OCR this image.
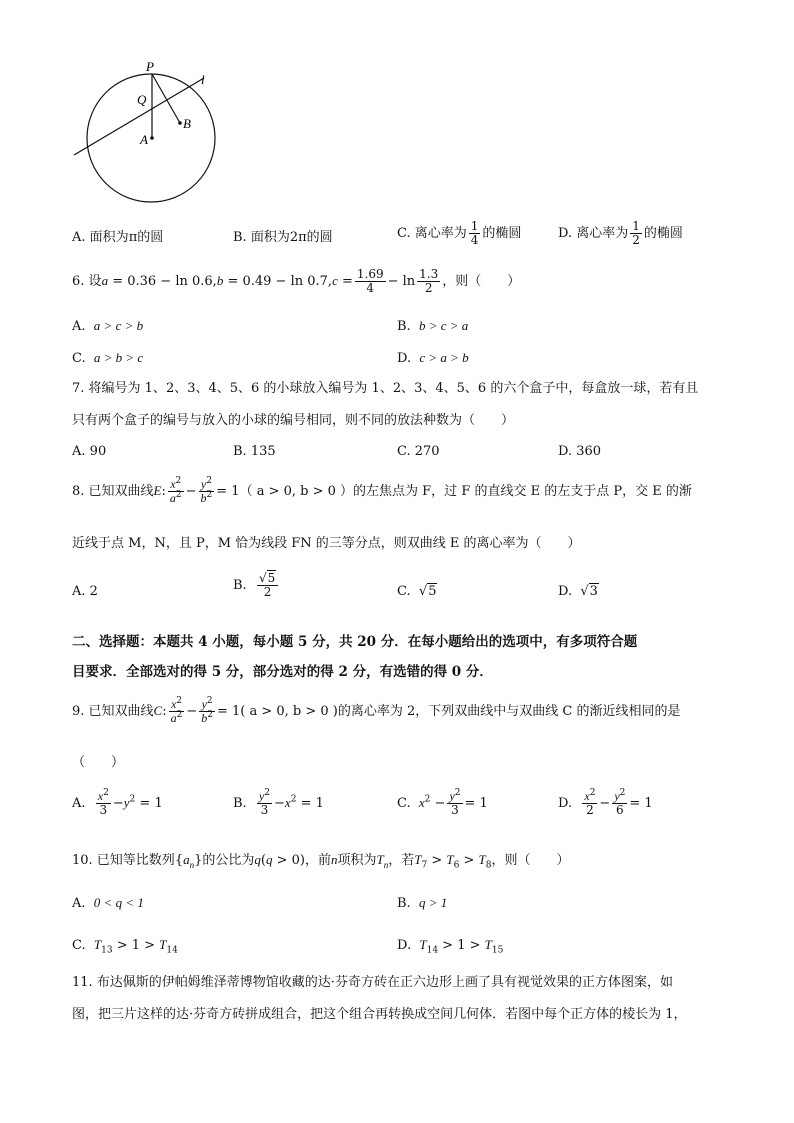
P
Q
A
B
l
A. 面积为π的圆	B. 面积为2π的圆	C. 离心率为 $\frac{1}{4}$ 的椭圆	D. 离心率为 $\frac{1}{2}$ 的椭圆
6. 设$a = 0.36 - \ln 0.6,b = 0.49 - \ln 0.7,c = \frac{1.69}{4} - \ln \frac{1.3}{2}$ ，则（　　）
A. a > c > b	B. b > c > a
C. a > b > c	D. c > a > b
7. 将编号为 1、2、3、4、5、6 的小球放入编号为 1、2、3、4、5、6 的六个盒子中，每盒放一球，若有且
只有两个盒子的编号与放入的小球的编号相同，则不同的放法种数为（　　）
A. 90	B. 135	C. 270	D. 360
8. 已知双曲线E: $\frac{x^2}{a^2} - \frac{y^2}{b^2} = 1$（ a > 0, b > 0 ）的左焦点为 F，过 F 的直线交 E 的左支于点 P，交 E 的渐
近线于点 M，N，且 P，M 恰为线段 FN 的三等分点，则双曲线 E 的离心率为（　　）
A. 2	B. $\frac{√5}{2}$	C. √5	D. √3
二、选择题：本题共 4 小题，每小题 5 分，共 20 分．在每小题给出的选项中，有多项符合题
目要求．全部选对的得 5 分，部分选对的得 2 分，有选错的得 0 分．
9. 已知双曲线C: $\frac{x^2}{a^2} - \frac{y^2}{b^2} = 1$( a > 0, b > 0 )的离心率为 2，下列双曲线中与双曲线 C 的渐近线相同的是
（　　）
A. $\frac{x^2}{3} -y^2 = 1$	B. $\frac{y^2}{3} -x^2 = 1$	C. $x^2 - \frac{y^2}{3} = 1$	D. $\frac{x^2}{2} - \frac{y^2}{6} = 1$
10. 已知等比数列$\{a_n\}$的公比为q(q > 0)，前n项积为$T_n$，若$T_7 > T_6 > T_8$，则（　　）
A. 0 < q < 1	B. q > 1
C. $T_{13} > 1 > T_{14}$	D. $T_{14} > 1 > T_{15}$
11. 布达佩斯的伊帕姆维泽蒂博物馆收藏的达·芬奇方砖在正六边形上画了具有视觉效果的正方体图案，如
图，把三片这样的达·芬奇方砖拼成组合，把这个组合再转换成空间几何体．若图中每个正方体的棱长为 1，
